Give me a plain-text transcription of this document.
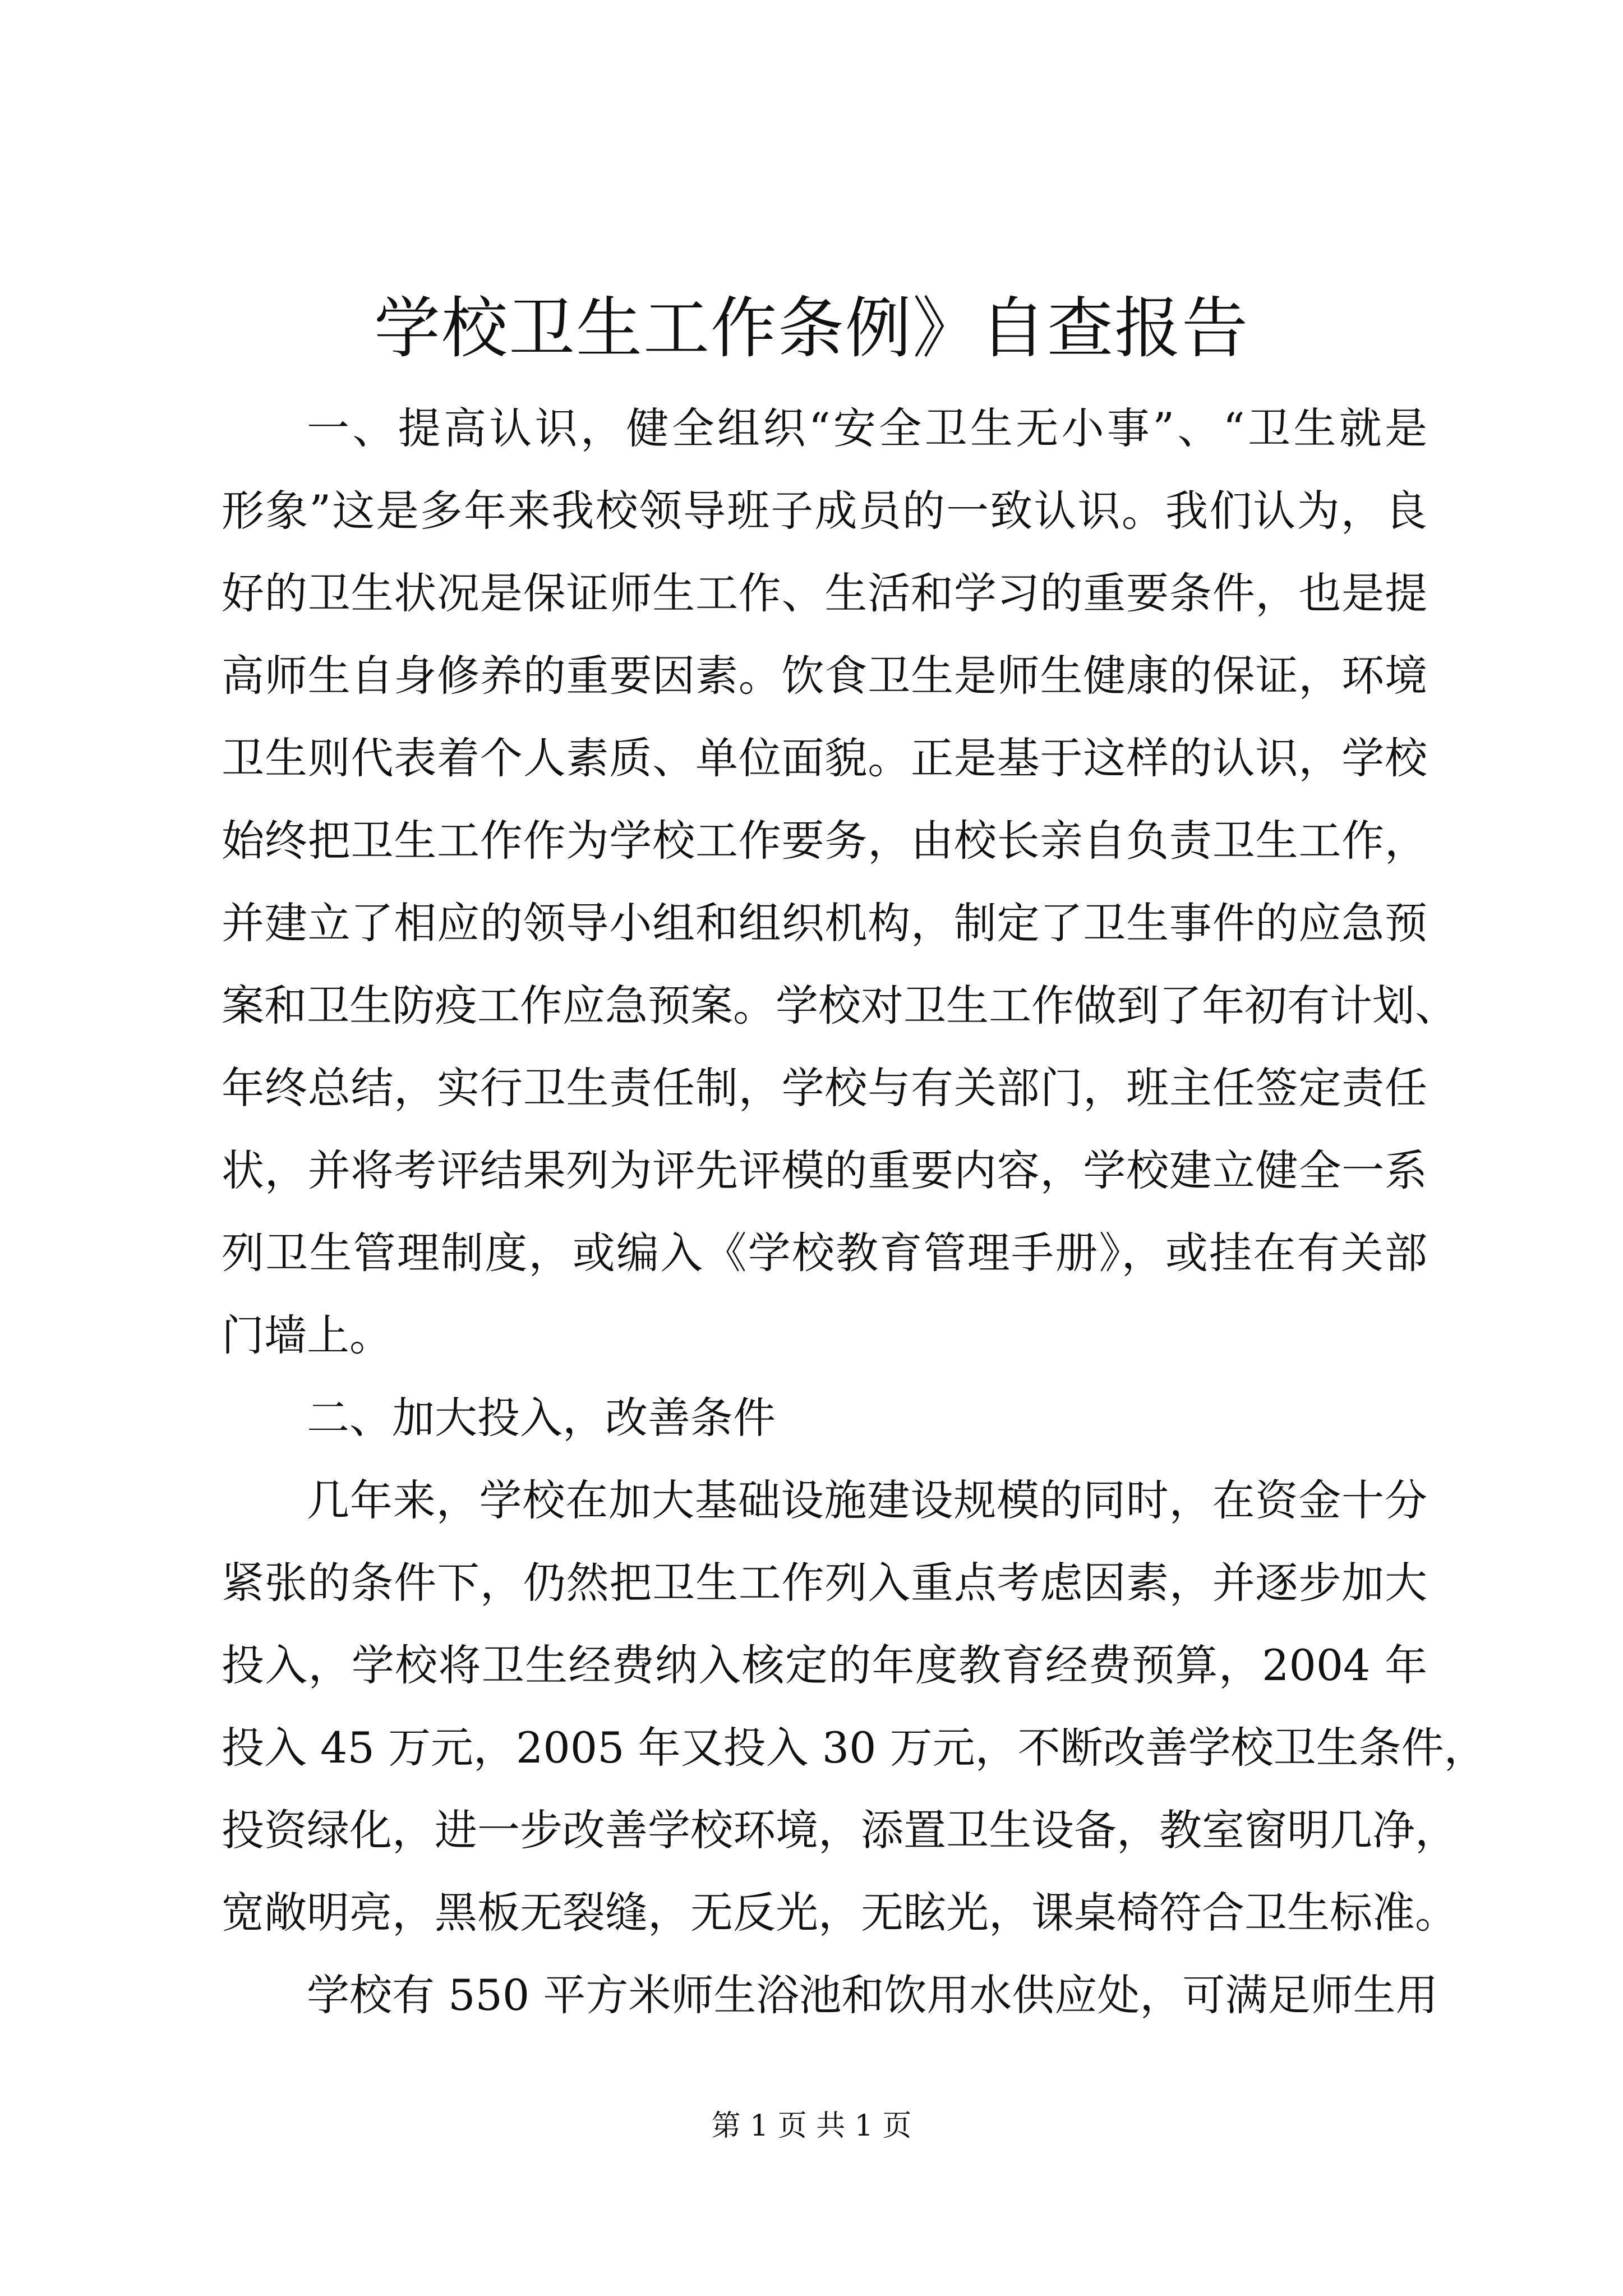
学校卫生工作条例》自查报告
一、提高认识，健全组织“安全卫生无小事”、“卫生就是
形象”这是多年来我校领导班子成员的一致认识。我们认为，良
好的卫生状况是保证师生工作、生活和学习的重要条件，也是提
高师生自身修养的重要因素。饮食卫生是师生健康的保证，环境
卫生则代表着个人素质、单位面貌。正是基于这样的认识，学校
始终把卫生工作作为学校工作要务，由校长亲自负责卫生工作，
并建立了相应的领导小组和组织机构，制定了卫生事件的应急预
案和卫生防疫工作应急预案。学校对卫生工作做到了年初有计划、
年终总结，实行卫生责任制，学校与有关部门，班主任签定责任
状，并将考评结果列为评先评模的重要内容，学校建立健全一系
列卫生管理制度，或编入《学校教育管理手册》，或挂在有关部
门墙上。
二、加大投入，改善条件
几年来，学校在加大基础设施建设规模的同时，在资金十分
紧张的条件下，仍然把卫生工作列入重点考虑因素，并逐步加大
投入，学校将卫生经费纳入核定的年度教育经费预算，2004 年
投入 45 万元，2005 年又投入 30 万元，不断改善学校卫生条件，
投资绿化，进一步改善学校环境，添置卫生设备，教室窗明几净，
宽敞明亮，黑板无裂缝，无反光，无眩光，课桌椅符合卫生标准。
学校有 550 平方米师生浴池和饮用水供应处，可满足师生用
第 1 页 共 1 页
